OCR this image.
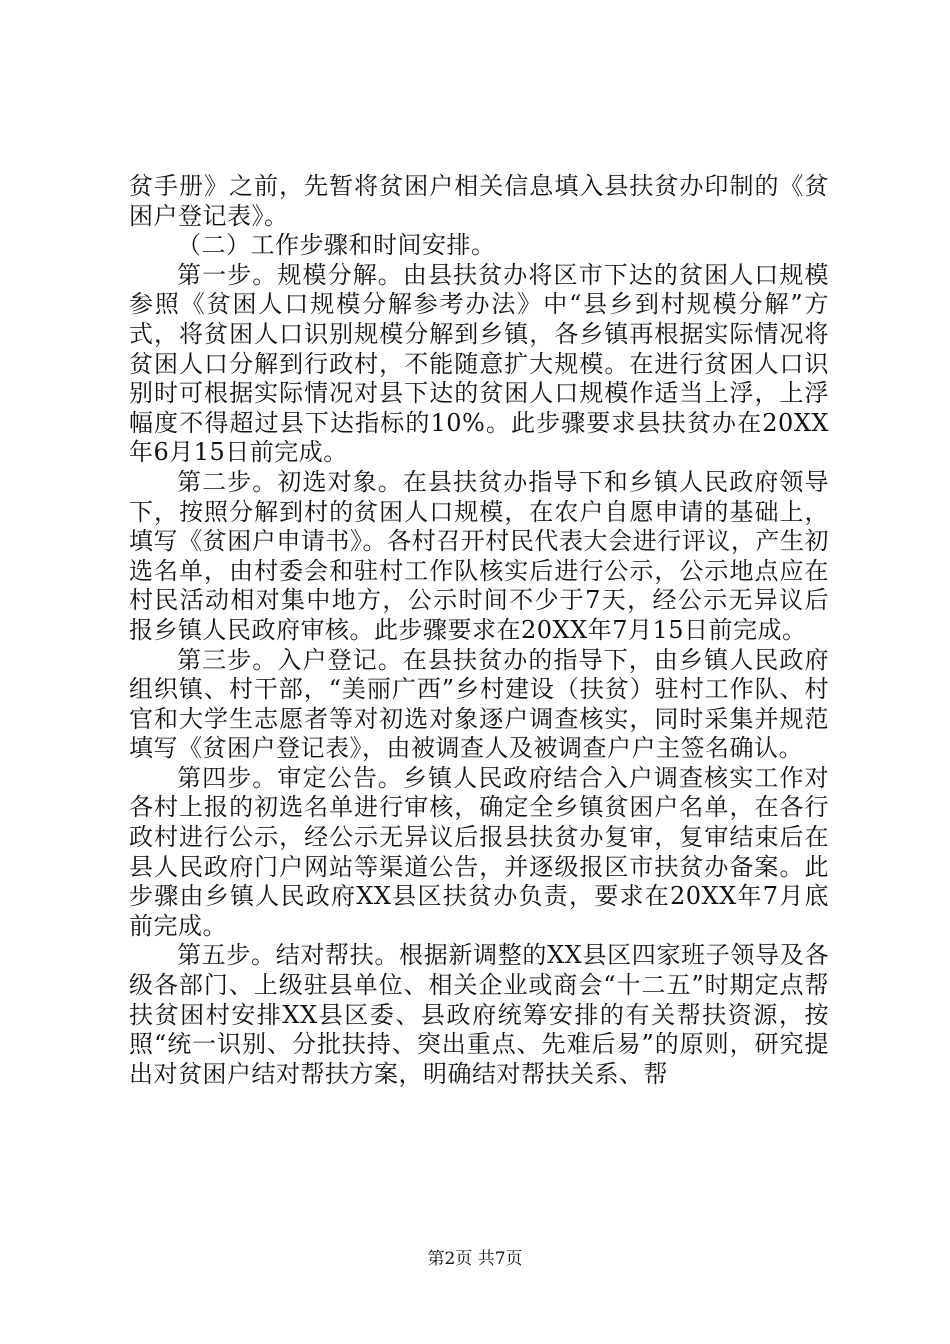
贫手册》之前，先暂将贫困户相关信息填入县扶贫办印制的《贫困户登记表》。

（二）工作步骤和时间安排。

第一步。规模分解。由县扶贫办将区市下达的贫困人口规模参照《贫困人口规模分解参考办法》中“县乡到村规模分解”方式，将贫困人口识别规模分解到乡镇，各乡镇再根据实际情况将贫困人口分解到行政村，不能随意扩大规模。在进行贫困人口识别时可根据实际情况对县下达的贫困人口规模作适当上浮，上浮幅度不得超过县下达指标的10%。此步骤要求县扶贫办在20XX年6月15日前完成。

第二步。初选对象。在县扶贫办指导下和乡镇人民政府领导下，按照分解到村的贫困人口规模，在农户自愿申请的基础上，填写《贫困户申请书》。各村召开村民代表大会进行评议，产生初选名单，由村委会和驻村工作队核实后进行公示，公示地点应在村民活动相对集中地方，公示时间不少于7天，经公示无异议后报乡镇人民政府审核。此步骤要求在20XX年7月15日前完成。

第三步。入户登记。在县扶贫办的指导下，由乡镇人民政府组织镇、村干部，“美丽广西”乡村建设（扶贫）驻村工作队、村官和大学生志愿者等对初选对象逐户调查核实，同时采集并规范填写《贫困户登记表》，由被调查人及被调查户户主签名确认。

第四步。审定公告。乡镇人民政府结合入户调查核实工作对各村上报的初选名单进行审核，确定全乡镇贫困户名单，在各行政村进行公示，经公示无异议后报县扶贫办复审，复审结束后在县人民政府门户网站等渠道公告，并逐级报区市扶贫办备案。此步骤由乡镇人民政府XX县区扶贫办负责，要求在20XX年7月底前完成。

第五步。结对帮扶。根据新调整的XX县区四家班子领导及各级各部门、上级驻县单位、相关企业或商会“十二五”时期定点帮扶贫困村安排XX县区委、县政府统筹安排的有关帮扶资源，按照“统一识别、分批扶持、突出重点、先难后易”的原则，研究提出对贫困户结对帮扶方案，明确结对帮扶关系、帮

第2页 共7页
